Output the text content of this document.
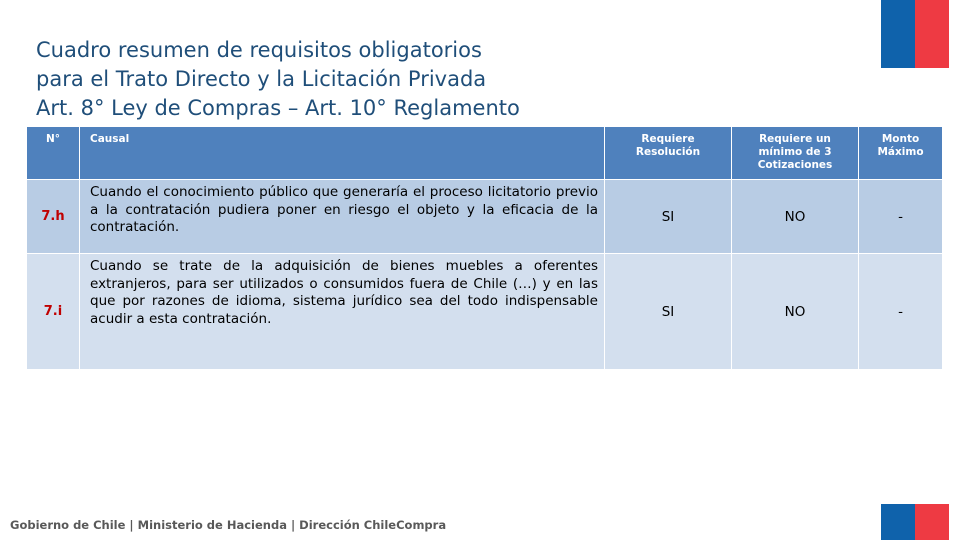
Cuadro resumen de requisitos obligatorios
para el Trato Directo y la Licitación Privada
Art. 8° Ley de Compras – Art. 10° Reglamento
N°	Causal	Requiere Resolución	Requiere un mínimo de 3 Cotizaciones	Monto Máximo
7.h	Cuando el conocimiento público que generaría el proceso licitatorio previo a la contratación pudiera poner en riesgo el objeto y la eficacia de la contratación.	SI	NO	-
7.i	Cuando se trate de la adquisición de bienes muebles a oferentes extranjeros, para ser utilizados o consumidos fuera de Chile (…) y en las que por razones de idioma, sistema jurídico sea del todo indispensable acudir a esta contratación.	SI	NO	-
Gobierno de Chile | Ministerio de Hacienda | Dirección ChileCompra
